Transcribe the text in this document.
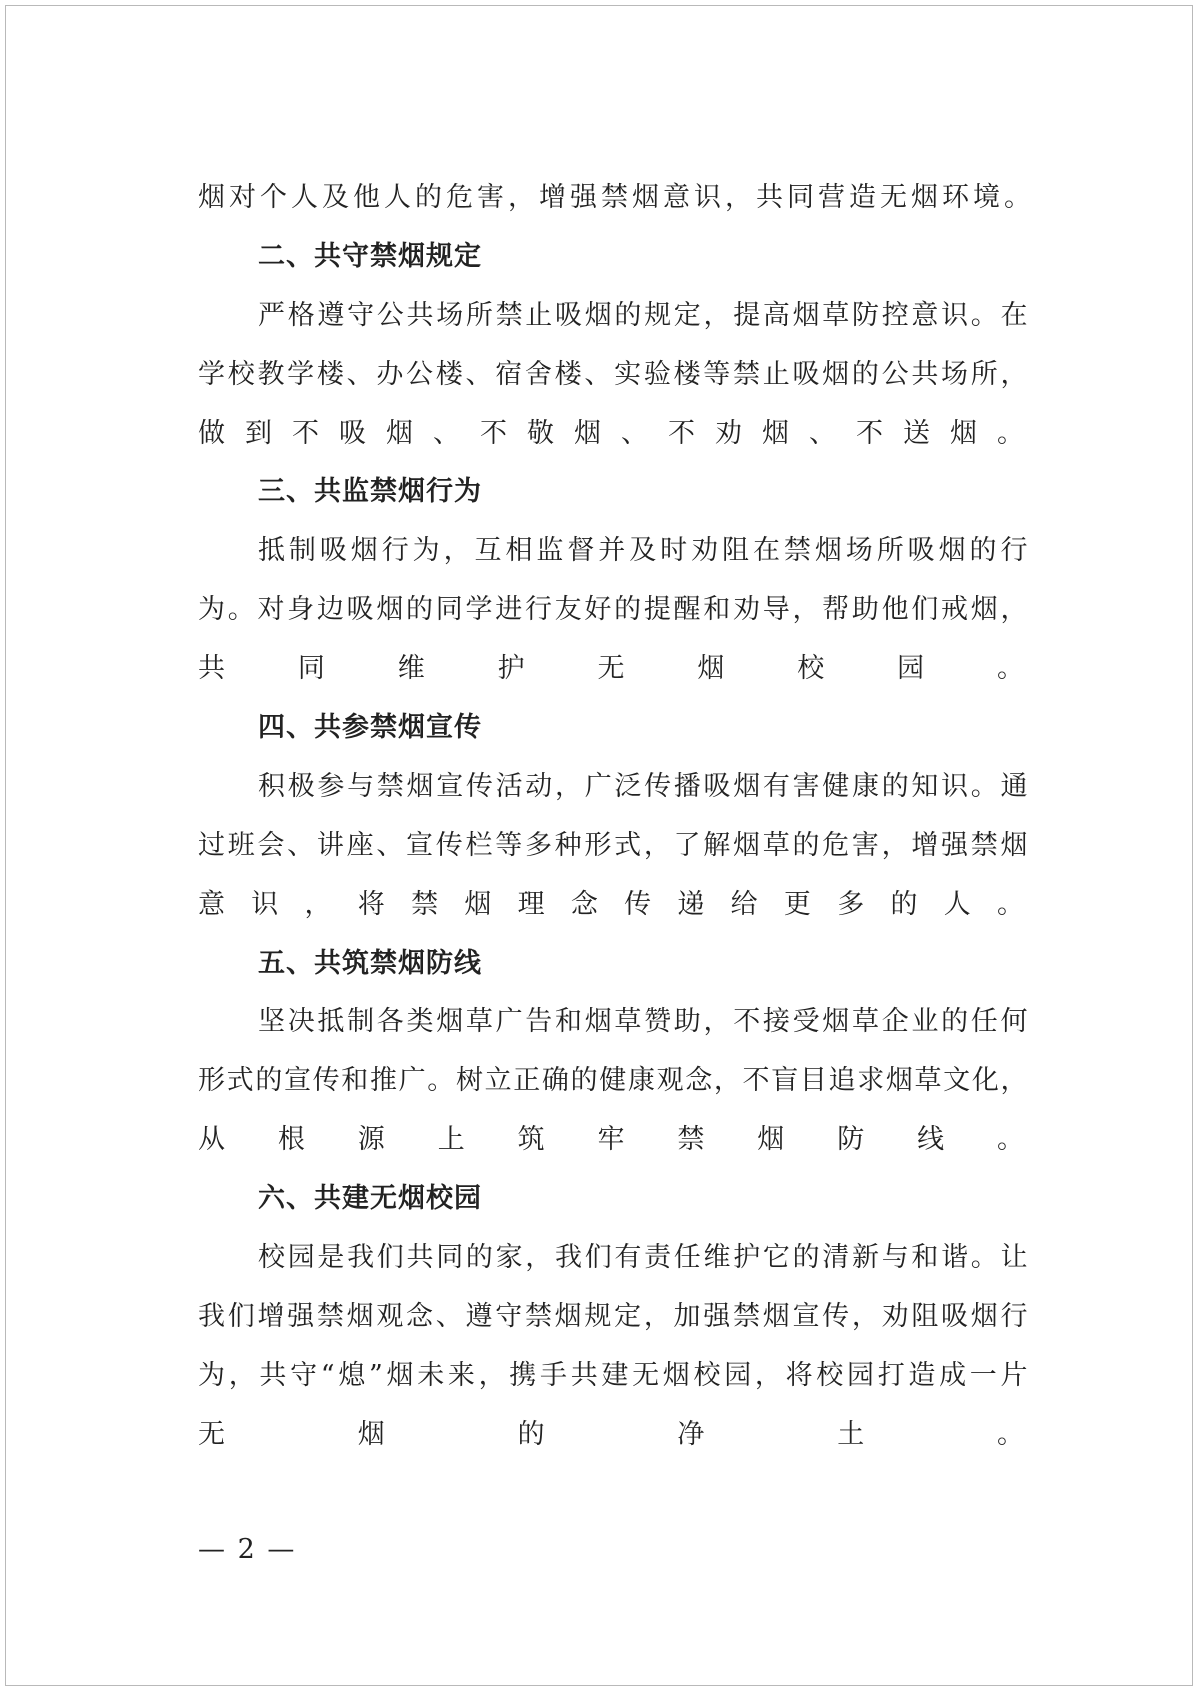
烟对个人及他人的危害，增强禁烟意识，共同营造无烟环境。
二、共守禁烟规定
严格遵守公共场所禁止吸烟的规定，提高烟草防控意识。在
学校教学楼、办公楼、宿舍楼、实验楼等禁止吸烟的公共场所，
做到不吸烟、不敬烟、不劝烟、不送烟。
三、共监禁烟行为
抵制吸烟行为，互相监督并及时劝阻在禁烟场所吸烟的行
为。对身边吸烟的同学进行友好的提醒和劝导，帮助他们戒烟，
共同维护无烟校园。
四、共参禁烟宣传
积极参与禁烟宣传活动，广泛传播吸烟有害健康的知识。通
过班会、讲座、宣传栏等多种形式，了解烟草的危害，增强禁烟
意识，将禁烟理念传递给更多的人。
五、共筑禁烟防线
坚决抵制各类烟草广告和烟草赞助，不接受烟草企业的任何
形式的宣传和推广。树立正确的健康观念，不盲目追求烟草文化，
从根源上筑牢禁烟防线。
六、共建无烟校园
校园是我们共同的家，我们有责任维护它的清新与和谐。让
我们增强禁烟观念、遵守禁烟规定，加强禁烟宣传，劝阻吸烟行
为，共守“熄”烟未来，携手共建无烟校园，将校园打造成一片
无烟的净土。
— 2 —
